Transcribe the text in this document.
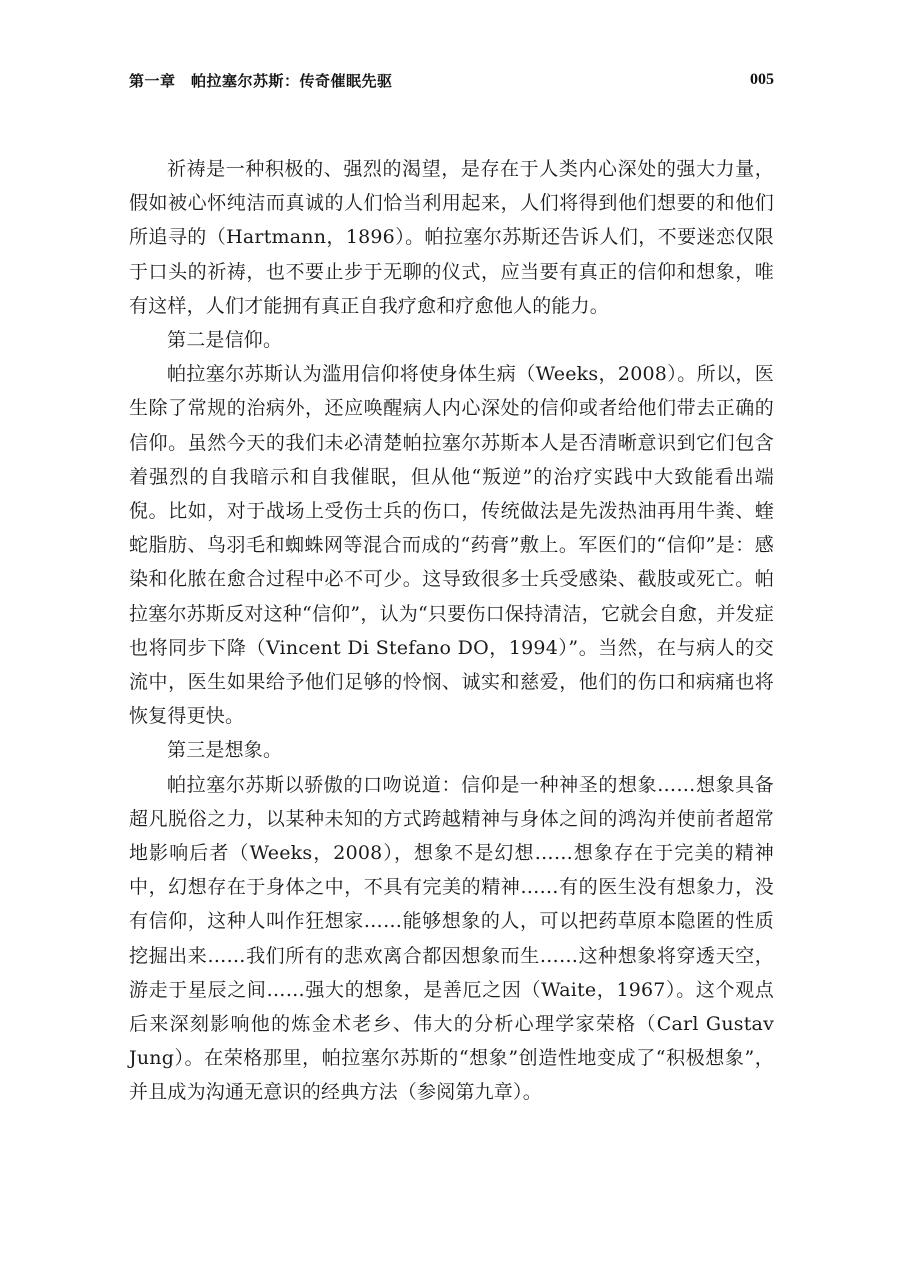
第一章　帕拉塞尔苏斯：传奇催眠先驱	005

祈祷是一种积极的、强烈的渴望，是存在于人类内心深处的强大力量，假如被心怀纯洁而真诚的人们恰当利用起来，人们将得到他们想要的和他们所追寻的（Hartmann，1896）。帕拉塞尔苏斯还告诉人们，不要迷恋仅限于口头的祈祷，也不要止步于无聊的仪式，应当要有真正的信仰和想象，唯有这样，人们才能拥有真正自我疗愈和疗愈他人的能力。

第二是信仰。

帕拉塞尔苏斯认为滥用信仰将使身体生病（Weeks，2008）。所以，医生除了常规的治病外，还应唤醒病人内心深处的信仰或者给他们带去正确的信仰。虽然今天的我们未必清楚帕拉塞尔苏斯本人是否清晰意识到它们包含着强烈的自我暗示和自我催眠，但从他“叛逆”的治疗实践中大致能看出端倪。比如，对于战场上受伤士兵的伤口，传统做法是先泼热油再用牛粪、蝰蛇脂肪、鸟羽毛和蜘蛛网等混合而成的“药膏”敷上。军医们的“信仰”是：感染和化脓在愈合过程中必不可少。这导致很多士兵受感染、截肢或死亡。帕拉塞尔苏斯反对这种“信仰”，认为“只要伤口保持清洁，它就会自愈，并发症也将同步下降（Vincent Di Stefano DO，1994）”。当然，在与病人的交流中，医生如果给予他们足够的怜悯、诚实和慈爱，他们的伤口和病痛也将恢复得更快。

第三是想象。

帕拉塞尔苏斯以骄傲的口吻说道：信仰是一种神圣的想象……想象具备超凡脱俗之力，以某种未知的方式跨越精神与身体之间的鸿沟并使前者超常地影响后者（Weeks，2008），想象不是幻想……想象存在于完美的精神中，幻想存在于身体之中，不具有完美的精神……有的医生没有想象力，没有信仰，这种人叫作狂想家……能够想象的人，可以把药草原本隐匿的性质挖掘出来……我们所有的悲欢离合都因想象而生……这种想象将穿透天空，游走于星辰之间……强大的想象，是善厄之因（Waite，1967）。这个观点后来深刻影响他的炼金术老乡、伟大的分析心理学家荣格（Carl Gustav Jung）。在荣格那里，帕拉塞尔苏斯的“想象”创造性地变成了“积极想象”，并且成为沟通无意识的经典方法（参阅第九章）。
